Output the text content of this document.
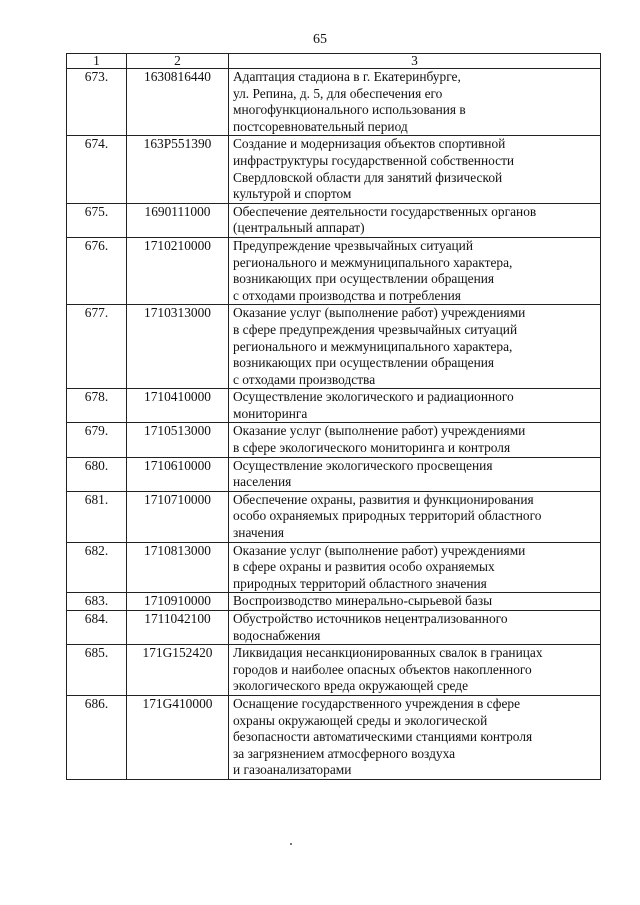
65
1	2	3
673.	1630816440	Адаптация стадиона в г. Екатеринбурге,
ул. Репина, д. 5, для обеспечения его
многофункционального использования в
постсоревновательный период

674.	163P551390	Создание и модернизация объектов спортивной
инфраструктуры государственной собственности
Свердловской области для занятий физической
культурой и спортом

675.	1690111000	Обеспечение деятельности государственных органов
(центральный аппарат)

676.	1710210000	Предупреждение чрезвычайных ситуаций
регионального и межмуниципального характера,
возникающих при осуществлении обращения
с отходами производства и потребления

677.	1710313000	Оказание услуг (выполнение работ) учреждениями
в сфере предупреждения чрезвычайных ситуаций
регионального и межмуниципального характера,
возникающих при осуществлении обращения
с отходами производства

678.	1710410000	Осуществление экологического и радиационного
мониторинга

679.	1710513000	Оказание услуг (выполнение работ) учреждениями
в сфере экологического мониторинга и контроля

680.	1710610000	Осуществление экологического просвещения
населения

681.	1710710000	Обеспечение охраны, развития и функционирования
особо охраняемых природных территорий областного
значения

682.	1710813000	Оказание услуг (выполнение работ) учреждениями
в сфере охраны и развития особо охраняемых
природных территорий областного значения

683.	1710910000	Воспроизводство минерально-сырьевой базы

684.	1711042100	Обустройство источников нецентрализованного
водоснабжения

685.	171G152420	Ликвидация несанкционированных свалок в границах
городов и наиболее опасных объектов накопленного
экологического вреда окружающей среде

686.	171G410000	Оснащение государственного учреждения в сфере
охраны окружающей среды и экологической
безопасности автоматическими станциями контроля
за загрязнением атмосферного воздуха
и газоанализаторами
